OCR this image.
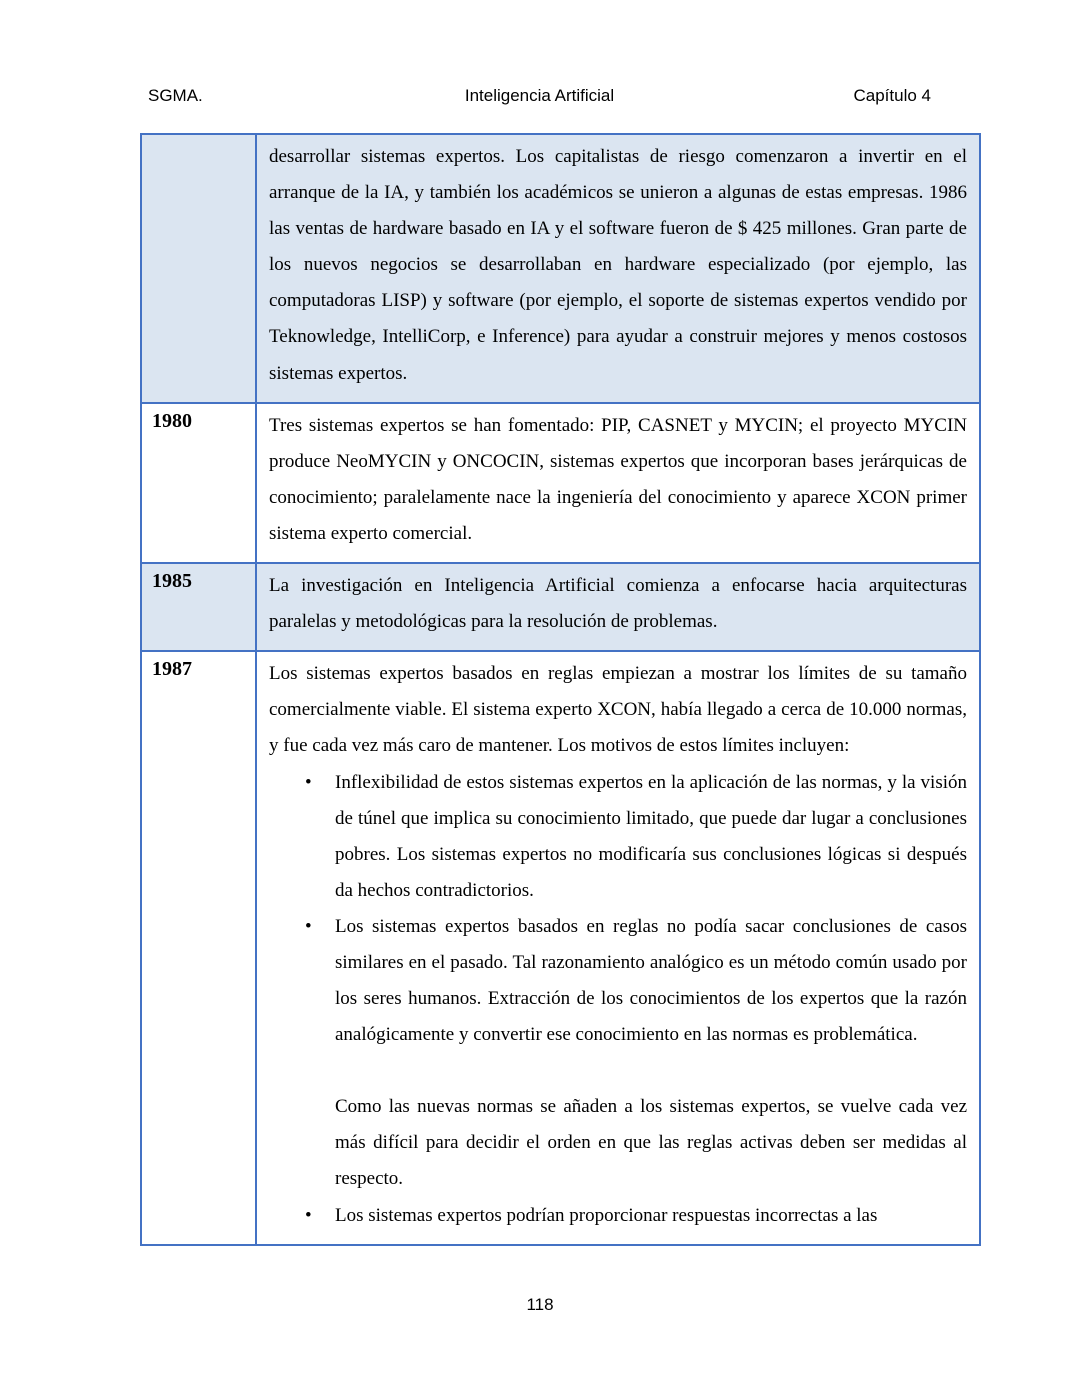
SGMA.	Inteligencia Artificial	Capítulo 4

	desarrollar sistemas expertos. Los capitalistas de riesgo comenzaron a invertir en el arranque de la IA, y también los académicos se unieron a algunas de estas empresas. 1986 las ventas de hardware basado en IA y el software fueron de $ 425 millones. Gran parte de los nuevos negocios se desarrollaban en hardware especializado (por ejemplo, las computadoras LISP) y software (por ejemplo, el soporte de sistemas expertos vendido por Teknowledge, IntelliCorp, e Inference) para ayudar a construir mejores y menos costosos sistemas expertos.

1980	Tres sistemas expertos se han fomentado: PIP, CASNET y MYCIN; el proyecto MYCIN produce NeoMYCIN y ONCOCIN, sistemas expertos que incorporan bases jerárquicas de conocimiento; paralelamente nace la ingeniería del conocimiento y aparece XCON primer sistema experto comercial.

1985	La investigación en Inteligencia Artificial comienza a enfocarse hacia arquitecturas paralelas y metodológicas para la resolución de problemas.

1987	Los sistemas expertos basados en reglas empiezan a mostrar los límites de su tamaño comercialmente viable. El sistema experto XCON, había llegado a cerca de 10.000 normas, y fue cada vez más caro de mantener. Los motivos de estos límites incluyen:

•	Inflexibilidad de estos sistemas expertos en la aplicación de las normas, y la visión de túnel que implica su conocimiento limitado, que puede dar lugar a conclusiones pobres. Los sistemas expertos no modificaría sus conclusiones lógicas si después da hechos contradictorios.
•	Los sistemas expertos basados en reglas no podía sacar conclusiones de casos similares en el pasado. Tal razonamiento analógico es un método común usado por los seres humanos. Extracción de los conocimientos de los expertos que la razón analógicamente y convertir ese conocimiento en las normas es problemática.

Como las nuevas normas se añaden a los sistemas expertos, se vuelve cada vez más difícil para decidir el orden en que las reglas activas deben ser medidas al respecto.

•	Los sistemas expertos podrían proporcionar respuestas incorrectas a las
118
